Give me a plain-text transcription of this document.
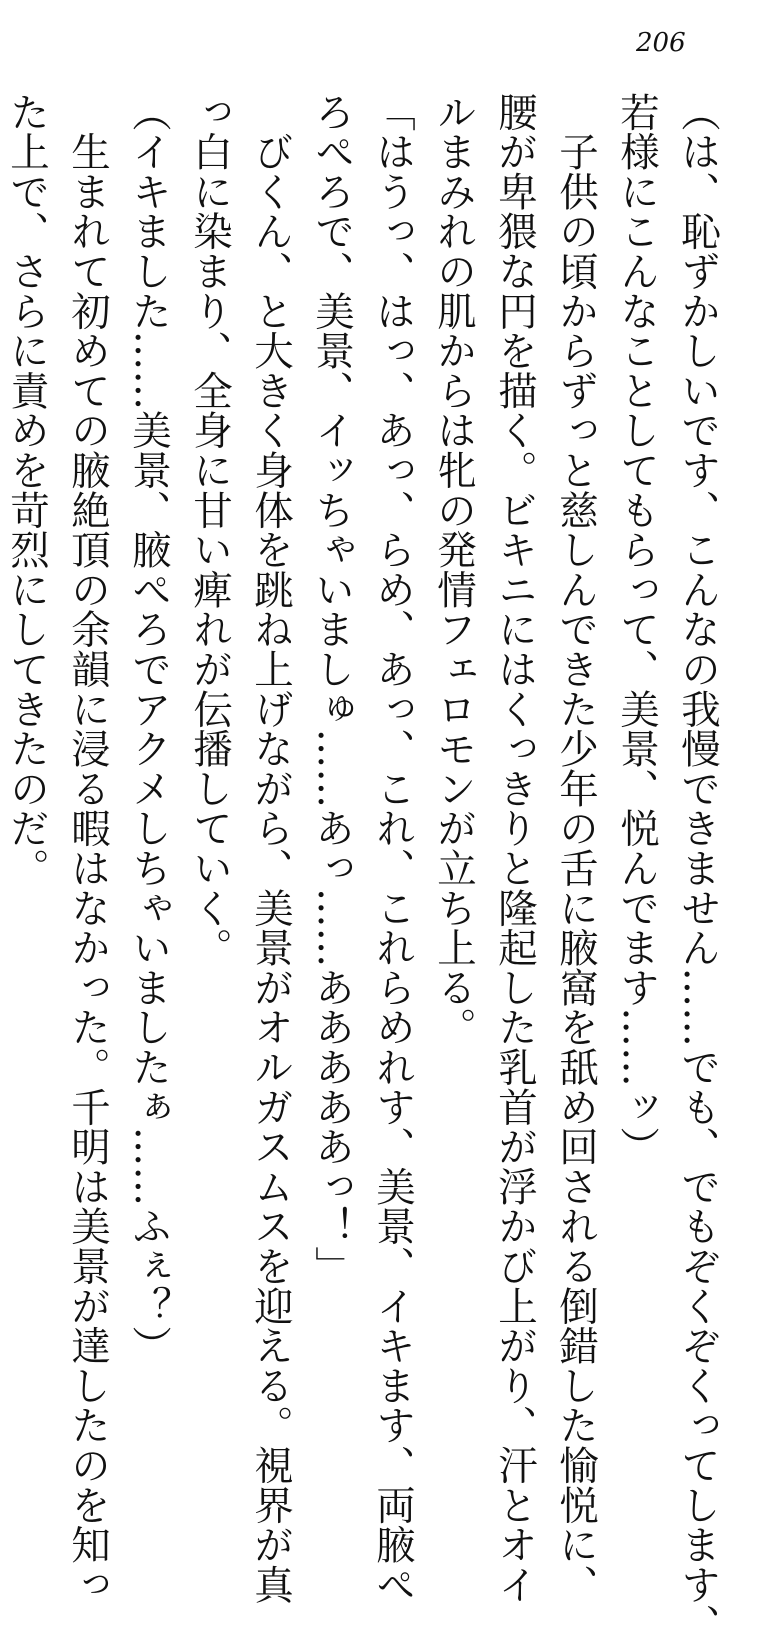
206
（は、恥ずかしいです、こんなの我慢できません……でも、でもぞくぞくってします、
若様にこんなことしてもらって、美景、悦んでます……ッ）
　子供の頃からずっと慈しんできた少年の舌に腋窩を舐め回される倒錯した愉悦に、
腰が卑猥な円を描く。ビキニにはくっきりと隆起した乳首が浮かび上がり、汗とオイ
ルまみれの肌からは牝の発情フェロモンが立ち上る。
「はうっ、はっ、あっ、らめ、あっ、これ、これらめれす、美景、イキます、両腋ぺ
ろぺろで、美景、イッちゃいましゅ……あっ……あああああっ！」
　びくん、と大きく身体を跳ね上げながら、美景がオルガスムスを迎える。視界が真
っ白に染まり、全身に甘い痺れが伝播していく。
（イキました……美景、腋ぺろでアクメしちゃいましたぁ……ふぇ？）
　生まれて初めての腋絶頂の余韻に浸る暇はなかった。千明は美景が達したのを知っ
た上で、さらに責めを苛烈にしてきたのだ。
